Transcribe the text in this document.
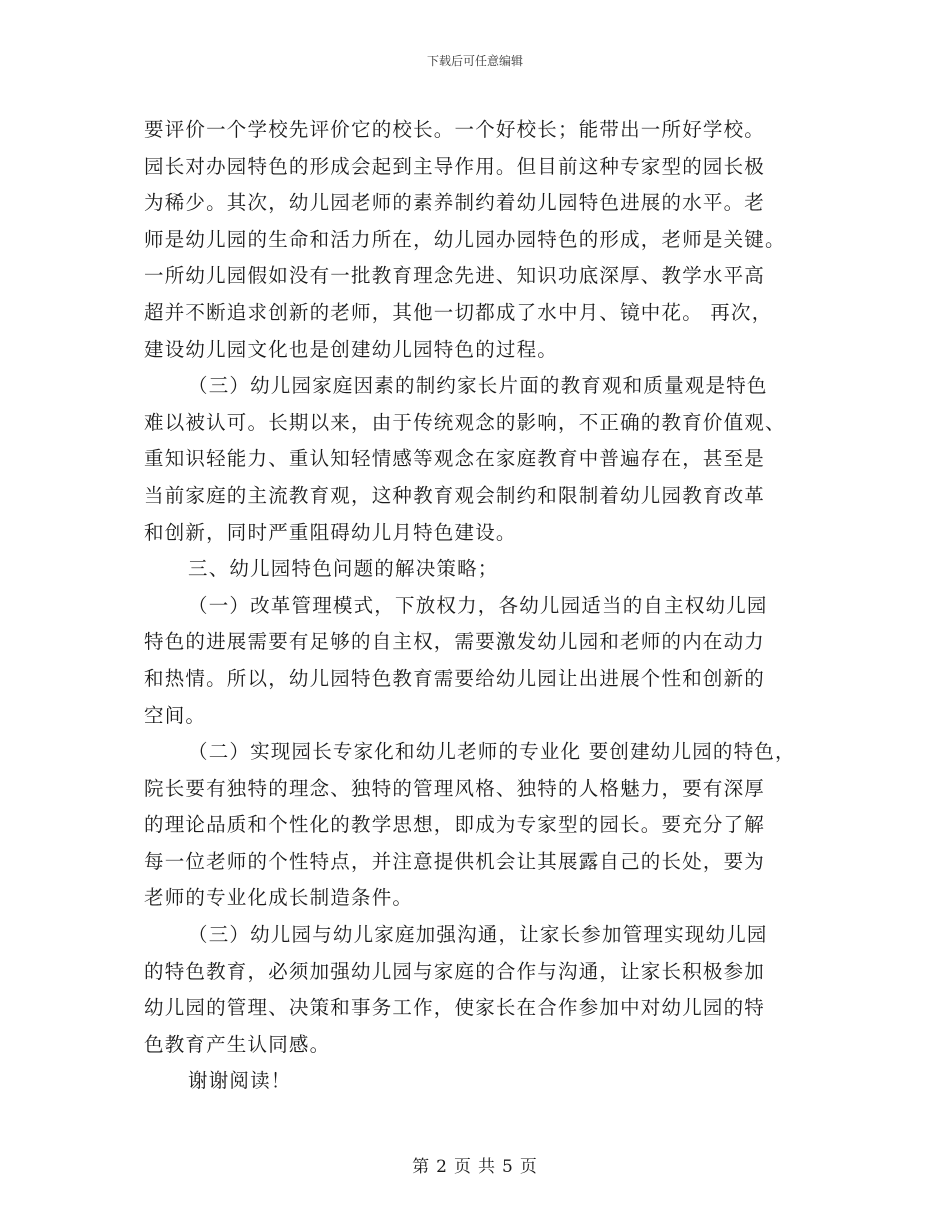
下载后可任意编辑
要评价一个学校先评价它的校长。一个好校长；能带出一所好学校。
园长对办园特色的形成会起到主导作用。但目前这种专家型的园长极
为稀少。其次，幼儿园老师的素养制约着幼儿园特色进展的水平。老
师是幼儿园的生命和活力所在，幼儿园办园特色的形成，老师是关键。
一所幼儿园假如没有一批教育理念先进、知识功底深厚、教学水平高
超并不断追求创新的老师，其他一切都成了水中月、镜中花。 再次，
建设幼儿园文化也是创建幼儿园特色的过程。
（三）幼儿园家庭因素的制约家长片面的教育观和质量观是特色
难以被认可。长期以来，由于传统观念的影响，不正确的教育价值观、
重知识轻能力、重认知轻情感等观念在家庭教育中普遍存在，甚至是
当前家庭的主流教育观，这种教育观会制约和限制着幼儿园教育改革
和创新，同时严重阻碍幼儿月特色建设。
三、幼儿园特色问题的解决策略；
（一）改革管理模式，下放权力，各幼儿园适当的自主权幼儿园
特色的进展需要有足够的自主权，需要激发幼儿园和老师的内在动力
和热情。所以，幼儿园特色教育需要给幼儿园让出进展个性和创新的
空间。
（二）实现园长专家化和幼儿老师的专业化 要创建幼儿园的特色，
院长要有独特的理念、独特的管理风格、独特的人格魅力，要有深厚
的理论品质和个性化的教学思想，即成为专家型的园长。要充分了解
每一位老师的个性特点，并注意提供机会让其展露自己的长处，要为
老师的专业化成长制造条件。
（三）幼儿园与幼儿家庭加强沟通，让家长参加管理实现幼儿园
的特色教育，必须加强幼儿园与家庭的合作与沟通，让家长积极参加
幼儿园的管理、决策和事务工作，使家长在合作参加中对幼儿园的特
色教育产生认同感。
谢谢阅读！
第 2 页 共 5 页
